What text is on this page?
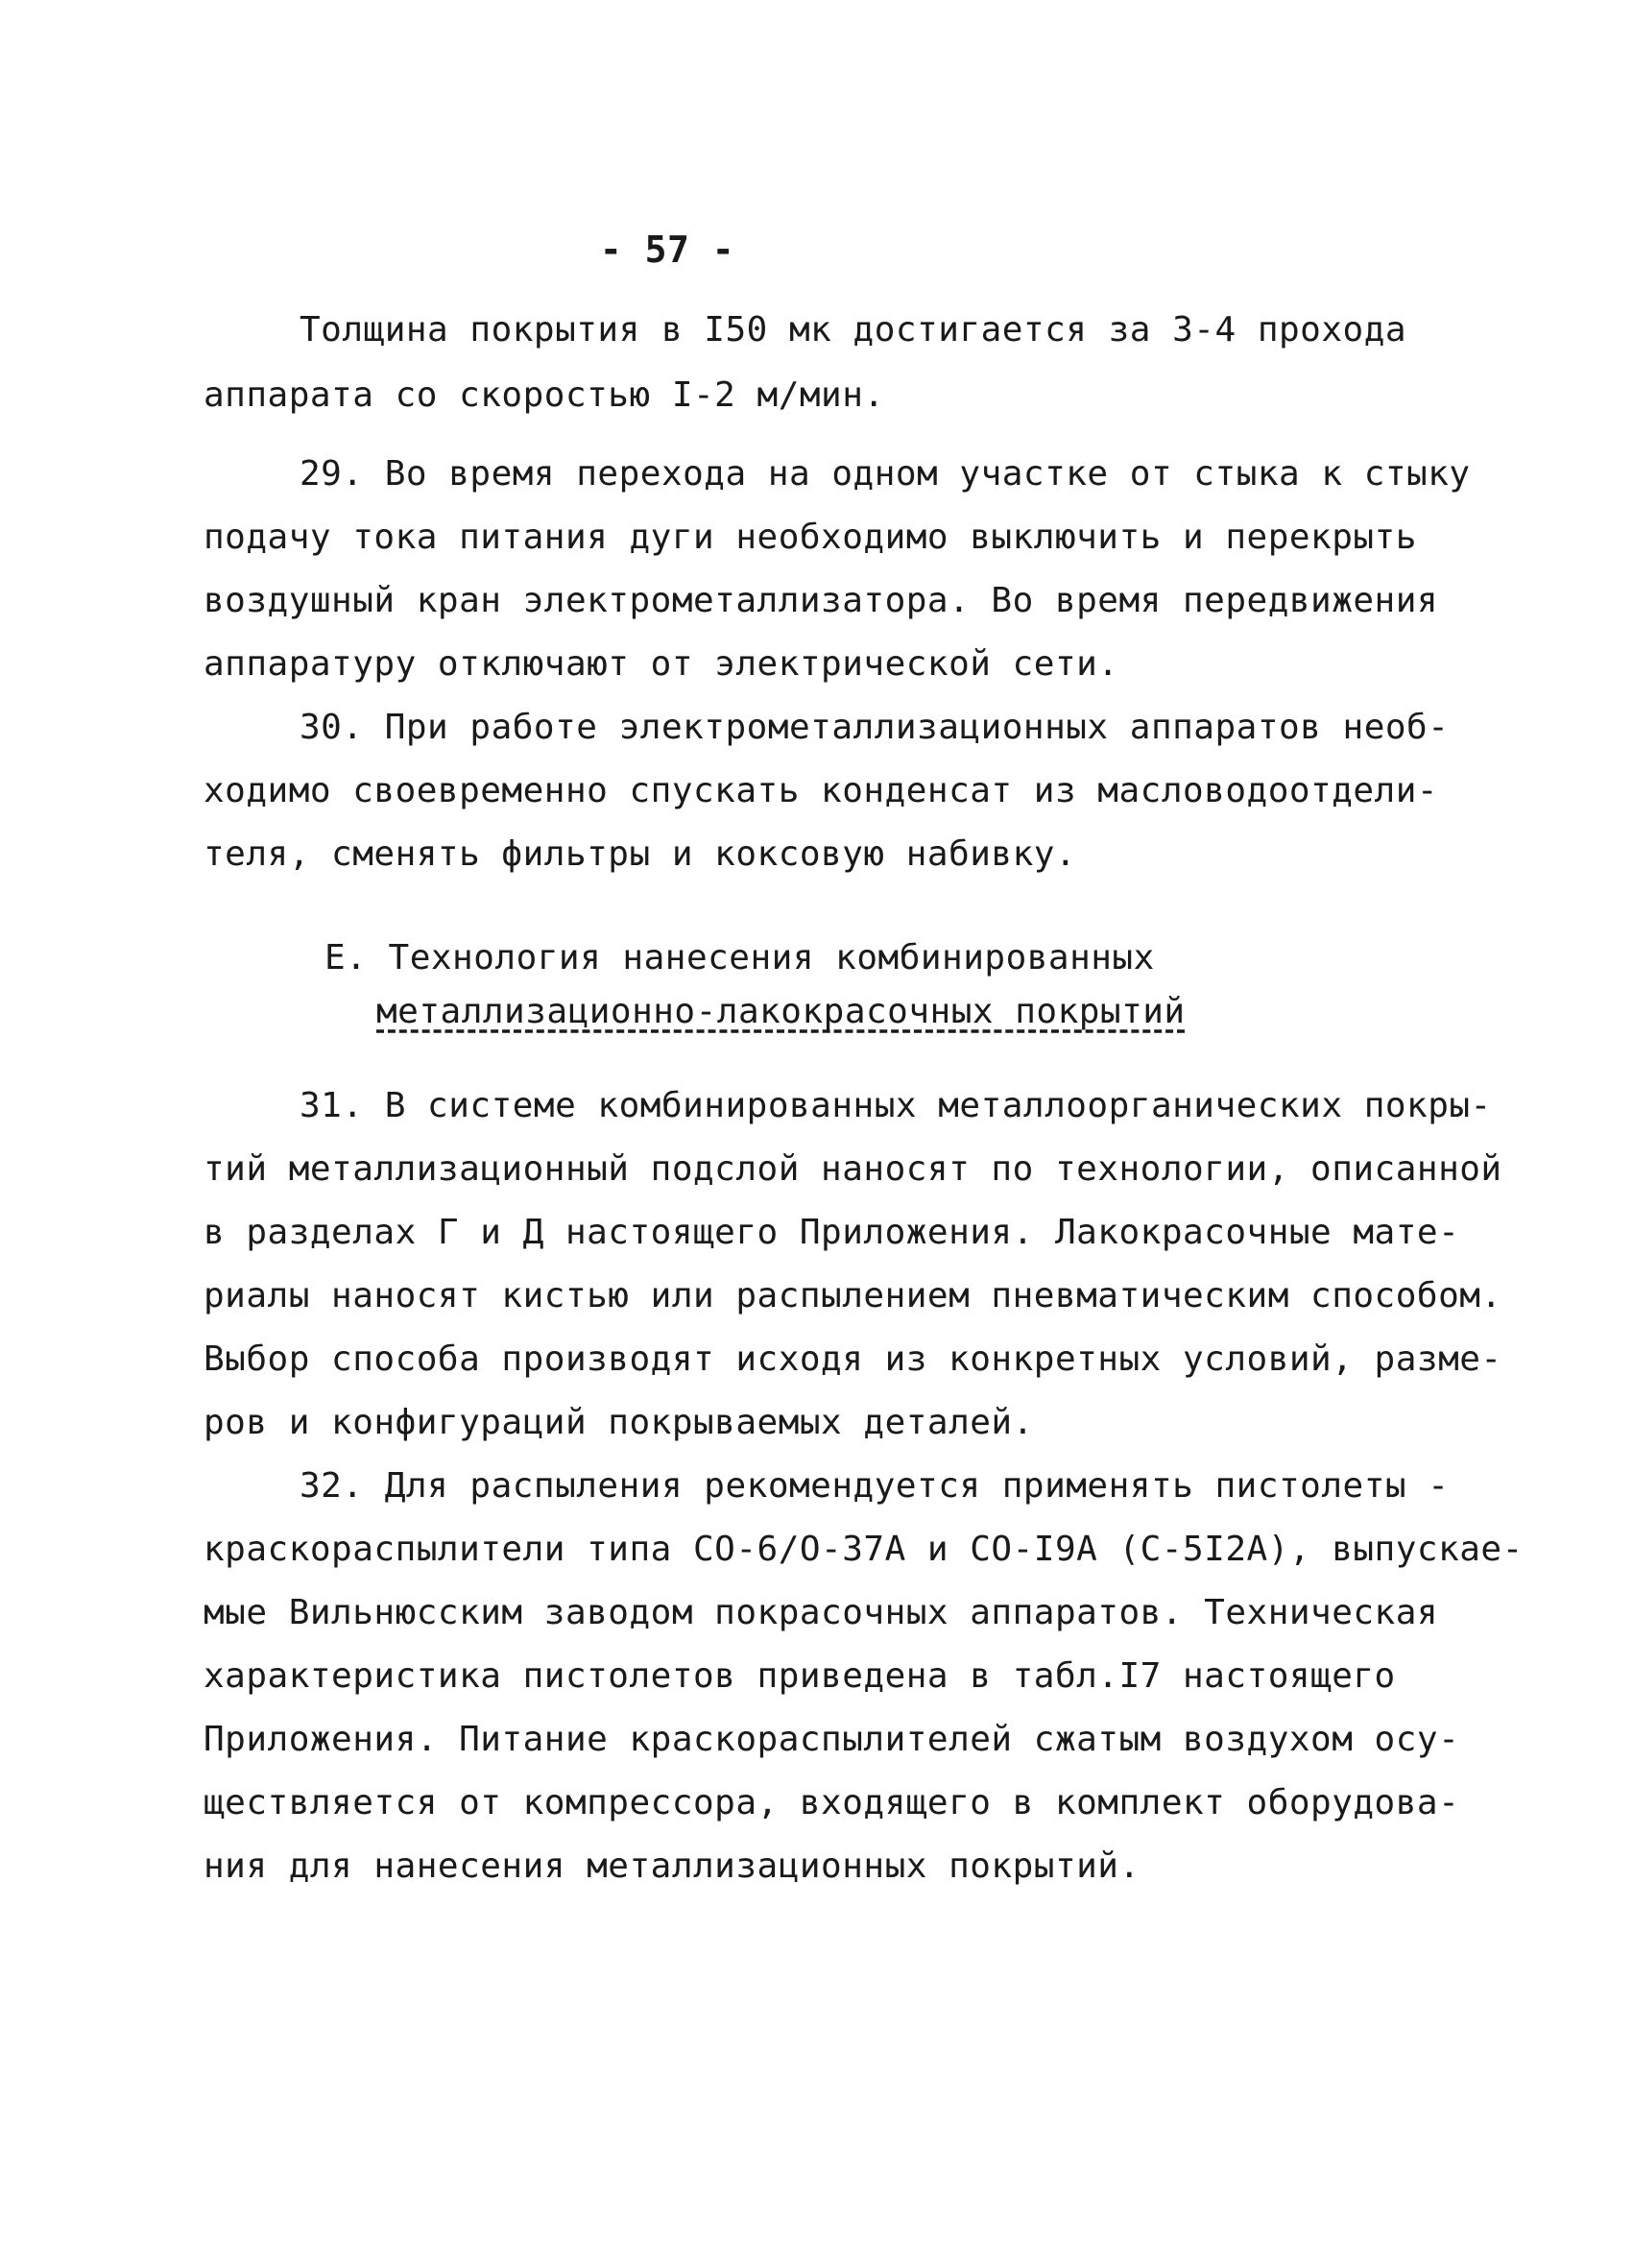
- 57 -
Толщина покрытия в I50 мк достигается за 3-4 прохода
аппарата со скоростью I-2 м/мин.
29. Во время перехода на одном участке от стыка к стыку
подачу тока питания дуги необходимо выключить и перекрыть
воздушный кран электрометаллизатора. Во время передвижения
аппаратуру отключают от электрической сети.
30. При работе электрометаллизационных аппаратов необ-
ходимо своевременно спускать конденсат из масловодоотдели-
теля, сменять фильтры и коксовую набивку.
Е. Технология нанесения комбинированных
металлизационно-лакокрасочных покрытий
31. В системе комбинированных металлоорганических покры-
тий металлизационный подслой наносят по технологии, описанной
в разделах Г и Д настоящего Приложения. Лакокрасочные мате-
риалы наносят кистью или распылением пневматическим способом.
Выбор способа производят исходя из конкретных условий, разме-
ров и конфигураций покрываемых деталей.
32. Для распыления рекомендуется применять пистолеты -
краскораспылители типа СО-6/О-37А и СО-I9А (С-5I2А), выпускае-
мые Вильнюсским заводом покрасочных аппаратов. Техническая
характеристика пистолетов приведена в табл.I7 настоящего
Приложения. Питание краскораспылителей сжатым воздухом осу-
ществляется от компрессора, входящего в комплект оборудова-
ния для нанесения металлизационных покрытий.
